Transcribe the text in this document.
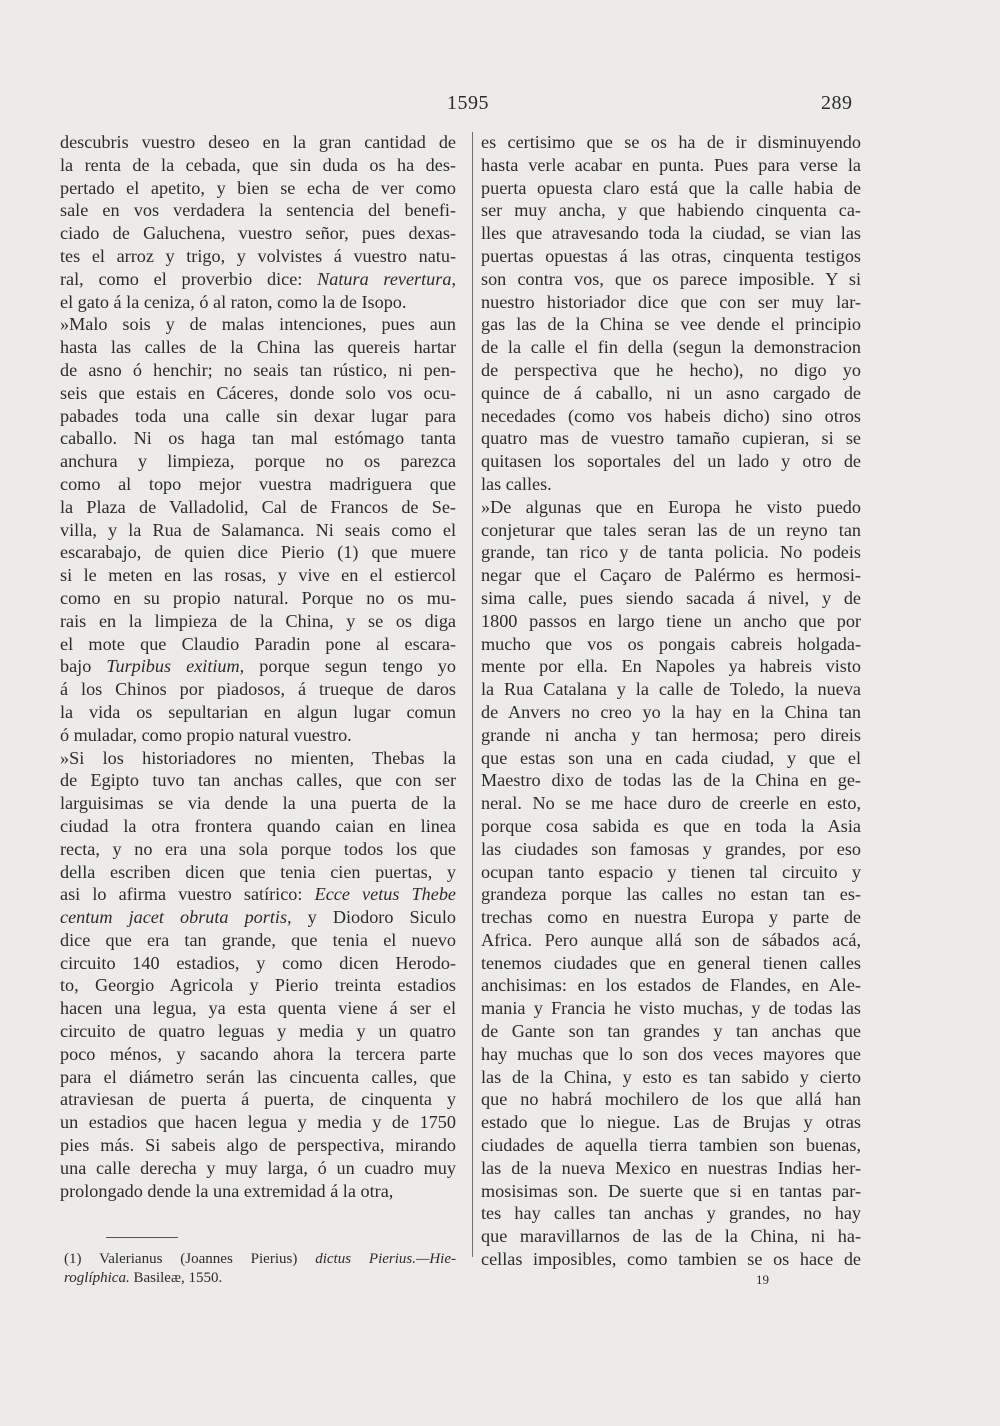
1595	289
descubris vuestro deseo en la gran cantidad de
la renta de la cebada, que sin duda os ha des-
pertado el apetito, y bien se echa de ver como
sale en vos verdadera la sentencia del benefi-
ciado de Galuchena, vuestro señor, pues dexas-
tes el arroz y trigo, y volvistes á vuestro natu-
ral, como el proverbio dice: Natura revertura,
el gato á la ceniza, ó al raton, como la de Isopo.
»Malo sois y de malas intenciones, pues aun
hasta las calles de la China las quereis hartar
de asno ó henchir; no seais tan rústico, ni pen-
seis que estais en Cáceres, donde solo vos ocu-
pabades toda una calle sin dexar lugar para
caballo. Ni os haga tan mal estómago tanta
anchura y limpieza, porque no os parezca
como al topo mejor vuestra madriguera que
la Plaza de Valladolid, Cal de Francos de Se-
villa, y la Rua de Salamanca. Ni seais como el
escarabajo, de quien dice Pierio (1) que muere
si le meten en las rosas, y vive en el estiercol
como en su propio natural. Porque no os mu-
rais en la limpieza de la China, y se os diga
el mote que Claudio Paradin pone al escara-
bajo Turpibus exitium, porque segun tengo yo
á los Chinos por piadosos, á trueque de daros
la vida os sepultarian en algun lugar comun
ó muladar, como propio natural vuestro.
»Si los historiadores no mienten, Thebas la
de Egipto tuvo tan anchas calles, que con ser
larguisimas se via dende la una puerta de la
ciudad la otra frontera quando caian en linea
recta, y no era una sola porque todos los que
della escriben dicen que tenia cien puertas, y
asi lo afirma vuestro satírico: Ecce vetus Thebe
centum jacet obruta portis, y Diodoro Siculo
dice que era tan grande, que tenia el nuevo
circuito 140 estadios, y como dicen Herodo-
to, Georgio Agricola y Pierio treinta estadios
hacen una legua, ya esta quenta viene á ser el
circuito de quatro leguas y media y un quatro
poco ménos, y sacando ahora la tercera parte
para el diámetro serán las cincuenta calles, que
atraviesan de puerta á puerta, de cinquenta y
un estadios que hacen legua y media y de 1750
pies más. Si sabeis algo de perspectiva, mirando
una calle derecha y muy larga, ó un cuadro muy
prolongado dende la una extremidad á la otra,
es certisimo que se os ha de ir disminuyendo
hasta verle acabar en punta. Pues para verse la
puerta opuesta claro está que la calle habia de
ser muy ancha, y que habiendo cinquenta ca-
lles que atravesando toda la ciudad, se vian las
puertas opuestas á las otras, cinquenta testigos
son contra vos, que os parece imposible. Y si
nuestro historiador dice que con ser muy lar-
gas las de la China se vee dende el principio
de la calle el fin della (segun la demonstracion
de perspectiva que he hecho), no digo yo
quince de á caballo, ni un asno cargado de
necedades (como vos habeis dicho) sino otros
quatro mas de vuestro tamaño cupieran, si se
quitasen los soportales del un lado y otro de
las calles.
»De algunas que en Europa he visto puedo
conjeturar que tales seran las de un reyno tan
grande, tan rico y de tanta policia. No podeis
negar que el Caçaro de Palérmo es hermosi-
sima calle, pues siendo sacada á nivel, y de
1800 passos en largo tiene un ancho que por
mucho que vos os pongais cabreis holgada-
mente por ella. En Napoles ya habreis visto
la Rua Catalana y la calle de Toledo, la nueva
de Anvers no creo yo la hay en la China tan
grande ni ancha y tan hermosa; pero direis
que estas son una en cada ciudad, y que el
Maestro dixo de todas las de la China en ge-
neral. No se me hace duro de creerle en esto,
porque cosa sabida es que en toda la Asia
las ciudades son famosas y grandes, por eso
ocupan tanto espacio y tienen tal circuito y
grandeza porque las calles no estan tan es-
trechas como en nuestra Europa y parte de
Africa. Pero aunque allá son de sábados acá,
tenemos ciudades que en general tienen calles
anchisimas: en los estados de Flandes, en Ale-
mania y Francia he visto muchas, y de todas las
de Gante son tan grandes y tan anchas que
hay muchas que lo son dos veces mayores que
las de la China, y esto es tan sabido y cierto
que no habrá mochilero de los que allá han
estado que lo niegue. Las de Brujas y otras
ciudades de aquella tierra tambien son buenas,
las de la nueva Mexico en nuestras Indias her-
mosisimas son. De suerte que si en tantas par-
tes hay calles tan anchas y grandes, no hay
que maravillarnos de las de la China, ni ha-
cellas imposibles, como tambien se os hace de
(1) Valerianus (Joannes Pierius) dictus Pierius.—Hie-
roglíphica. Basileæ, 1550.	19
